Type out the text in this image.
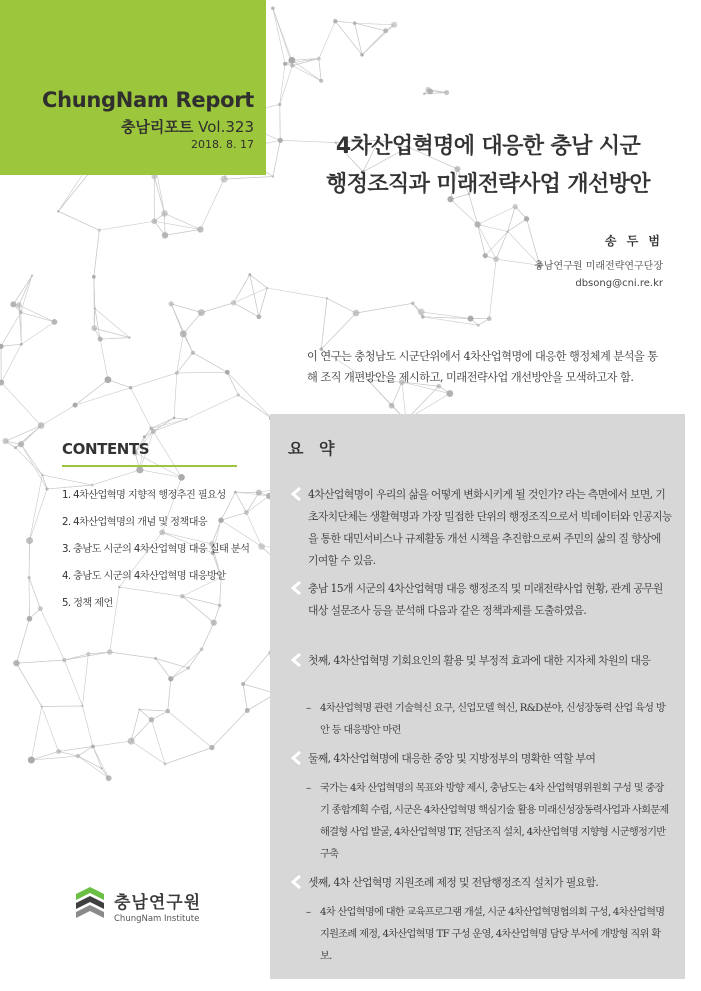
ChungNam Report
충남리포트 Vol.323
2018. 8. 17	4차산업혁명에 대응한 충남 시군
행정조직과 미래전략사업 개선방안
송 두 범
충남연구원 미래전략연구단장
dbsong@cni.re.kr
이 연구는 충청남도 시군단위에서 4차산업혁명에 대응한 행정체계 분석을 통해 조직 개편방안을 제시하고, 미래전략사업 개선방안을 모색하고자 함.
CONTENTS
1. 4차산업혁명 지향적 행정추진 필요성
2. 4차산업혁명의 개념 및 정책대응
3. 충남도 시군의 4차산업혁명 대응 실태 분석
4. 충남도 시군의 4차산업혁명 대응방안
5. 정책 제언
요 약
4차산업혁명이 우리의 삶을 어떻게 변화시키게 될 것인가? 라는 측면에서 보면, 기초자치단체는 생활혁명과 가장 밀접한 단위의 행정조직으로서 빅데이터와 인공지능을 통한 대민서비스나 규제활동 개선 시책을 추진함으로써 주민의 삶의 질 향상에 기여할 수 있음.
충남 15개 시군의 4차산업혁명 대응 행정조직 및 미래전략사업 현황, 관계 공무원 대상 설문조사 등을 분석해 다음과 같은 정책과제를 도출하였음.
첫째, 4차산업혁명 기회요인의 활용 및 부정적 효과에 대한 지자체 차원의 대응
– 4차산업혁명 관련 기술혁신 요구, 신업모델 혁신, R&D분야, 신성장동력 산업 육성 방안 등 대응방안 마련
둘째, 4차산업혁명에 대응한 중앙 및 지방정부의 명확한 역할 부여
– 국가는 4차 산업혁명의 목표와 방향 제시, 충남도는 4차 산업혁명위원회 구성 및 중장기 종합계획 수립, 시군은 4차산업혁명 핵심기술 활용 미래신성장동력사업과 사회문제 해결형 사업 발굴, 4차산업혁명 TF, 전담조직 설치, 4차산업혁명 지향형 시군행정기반 구축
셋째, 4차 산업혁명 지원조례 제정 및 전담행정조직 설치가 필요함.
– 4차 산업혁명에 대한 교육프로그램 개설, 시군 4차산업혁명협의회 구성, 4차산업혁명 지원조례 제정, 4차산업혁명 TF 구성 운영, 4차산업혁명 담당 부서에 개방형 직위 확보.
충남연구원
ChungNam Institute
